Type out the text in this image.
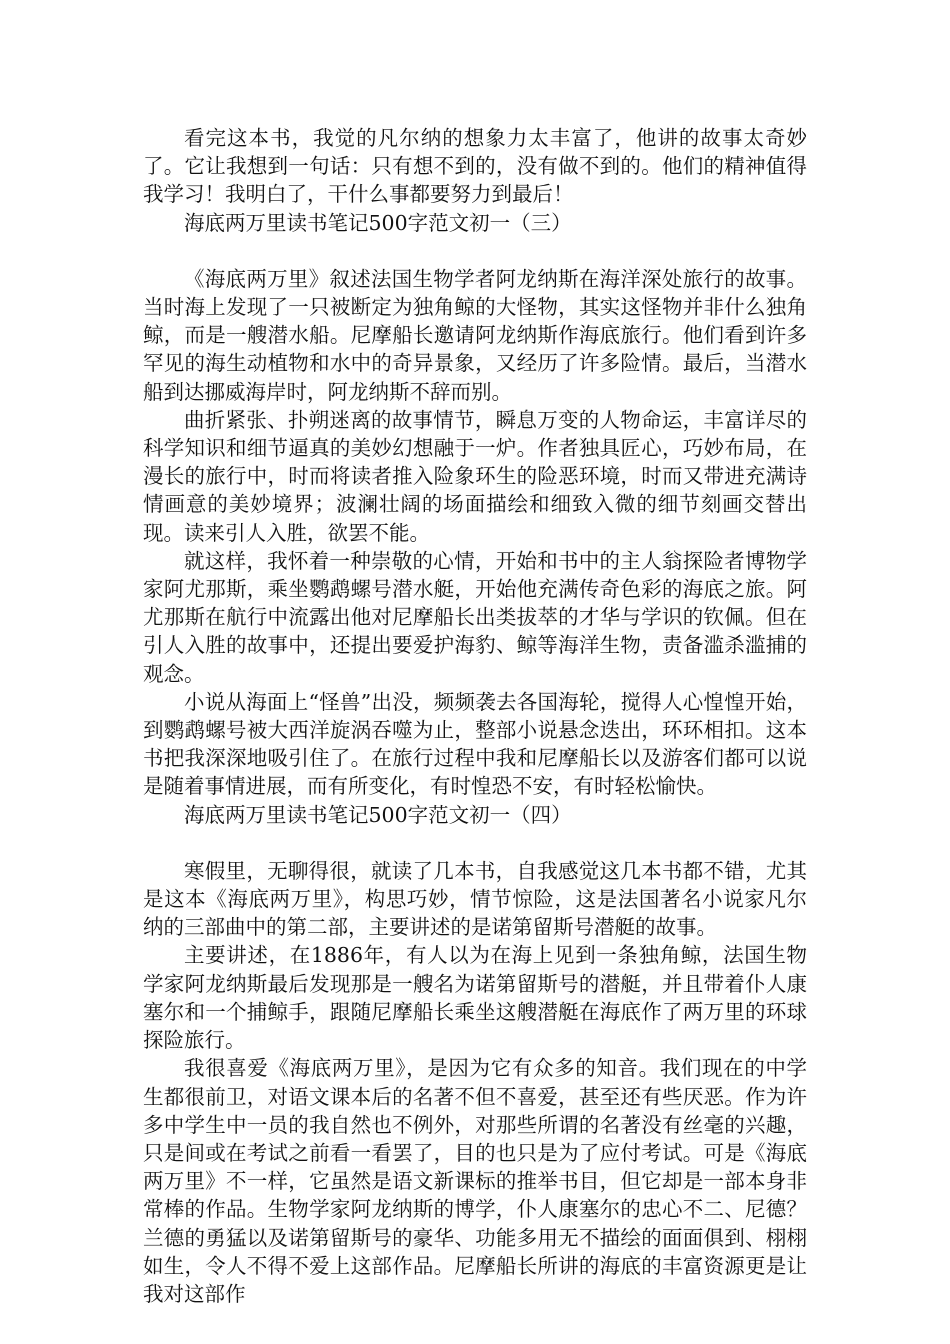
看完这本书，我觉的凡尔纳的想象力太丰富了，他讲的故事太奇妙了。它让我想到一句话：只有想不到的，没有做不到的。他们的精神值得我学习！我明白了，干什么事都要努力到最后！

海底两万里读书笔记500字范文初一（三）

《海底两万里》叙述法国生物学者阿龙纳斯在海洋深处旅行的故事。当时海上发现了一只被断定为独角鲸的大怪物，其实这怪物并非什么独角鲸，而是一艘潜水船。尼摩船长邀请阿龙纳斯作海底旅行。他们看到许多罕见的海生动植物和水中的奇异景象，又经历了许多险情。最后，当潜水船到达挪威海岸时，阿龙纳斯不辞而别。

曲折紧张、扑朔迷离的故事情节，瞬息万变的人物命运，丰富详尽的科学知识和细节逼真的美妙幻想融于一炉。作者独具匠心，巧妙布局，在漫长的旅行中，时而将读者推入险象环生的险恶环境，时而又带进充满诗情画意的美妙境界；波澜壮阔的场面描绘和细致入微的细节刻画交替出现。读来引人入胜，欲罢不能。

就这样，我怀着一种崇敬的心情，开始和书中的主人翁探险者博物学家阿尤那斯，乘坐鹦鹉螺号潜水艇，开始他充满传奇色彩的海底之旅。阿尤那斯在航行中流露出他对尼摩船长出类拔萃的才华与学识的钦佩。但在引人入胜的故事中，还提出要爱护海豹、鲸等海洋生物，责备滥杀滥捕的观念。

小说从海面上“怪兽”出没，频频袭去各国海轮，搅得人心惶惶开始，到鹦鹉螺号被大西洋旋涡吞噬为止，整部小说悬念迭出，环环相扣。这本书把我深深地吸引住了。在旅行过程中我和尼摩船长以及游客们都可以说是随着事情进展，而有所变化，有时惶恐不安，有时轻松愉快。

海底两万里读书笔记500字范文初一（四）

寒假里，无聊得很，就读了几本书，自我感觉这几本书都不错，尤其是这本《海底两万里》，构思巧妙，情节惊险，这是法国著名小说家凡尔纳的三部曲中的第二部，主要讲述的是诺第留斯号潜艇的故事。

主要讲述，在1886年，有人以为在海上见到一条独角鲸，法国生物学家阿龙纳斯最后发现那是一艘名为诺第留斯号的潜艇，并且带着仆人康塞尔和一个捕鲸手，跟随尼摩船长乘坐这艘潜艇在海底作了两万里的环球探险旅行。

我很喜爱《海底两万里》，是因为它有众多的知音。我们现在的中学生都很前卫，对语文课本后的名著不但不喜爱，甚至还有些厌恶。作为许多中学生中一员的我自然也不例外，对那些所谓的名著没有丝毫的兴趣，只是间或在考试之前看一看罢了，目的也只是为了应付考试。可是《海底两万里》不一样，它虽然是语文新课标的推举书目，但它却是一部本身非常棒的作品。生物学家阿龙纳斯的博学，仆人康塞尔的忠心不二、尼德？兰德的勇猛以及诺第留斯号的豪华、功能多用无不描绘的面面俱到、栩栩如生，令人不得不爱上这部作品。尼摩船长所讲的海底的丰富资源更是让我对这部作
